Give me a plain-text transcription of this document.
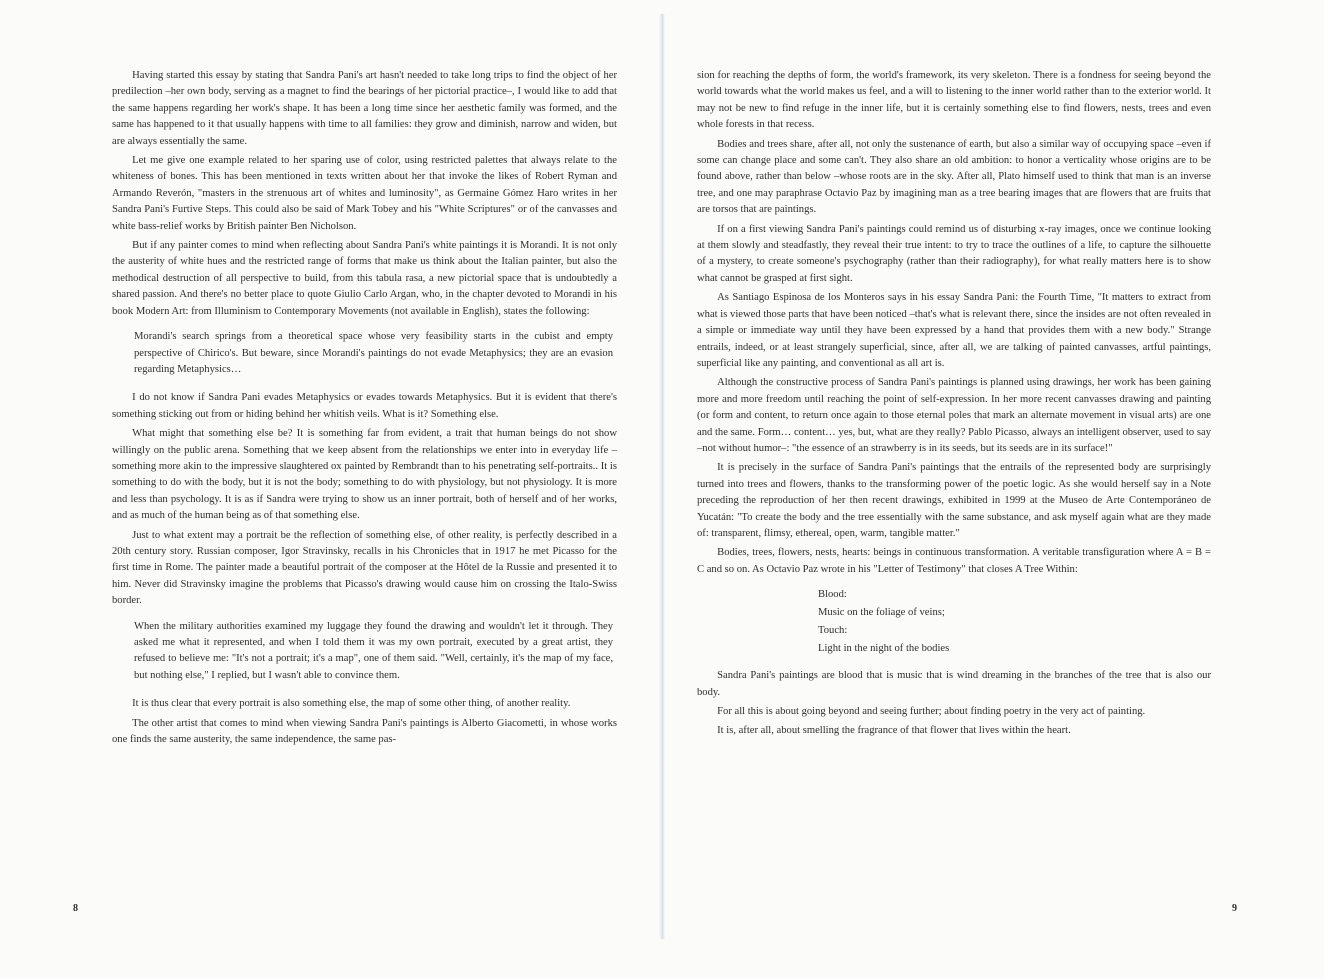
Having started this essay by stating that Sandra Pani's art hasn't needed to take long trips to find the object of her predilection –her own body, serving as a magnet to find the bearings of her pictorial practice–, I would like to add that the same happens regarding her work's shape. It has been a long time since her aesthetic family was formed, and the same has happened to it that usually happens with time to all families: they grow and diminish, narrow and widen, but are always essentially the same.

Let me give one example related to her sparing use of color, using restricted palettes that always relate to the whiteness of bones. This has been mentioned in texts written about her that invoke the likes of Robert Ryman and Armando Reverón, "masters in the strenuous art of whites and luminosity", as Germaine Gómez Haro writes in her Sandra Pani's Furtive Steps. This could also be said of Mark Tobey and his "White Scriptures" or of the canvasses and white bass-relief works by British painter Ben Nicholson.

But if any painter comes to mind when reflecting about Sandra Pani's white paintings it is Morandi. It is not only the austerity of white hues and the restricted range of forms that make us think about the Italian painter, but also the methodical destruction of all perspective to build, from this tabula rasa, a new pictorial space that is undoubtedly a shared passion. And there's no better place to quote Giulio Carlo Argan, who, in the chapter devoted to Morandi in his book Modern Art: from Illuminism to Contemporary Movements (not available in English), states the following:

Morandi's search springs from a theoretical space whose very feasibility starts in the cubist and empty perspective of Chirico's. But beware, since Morandi's paintings do not evade Metaphysics; they are an evasion regarding Metaphysics…

I do not know if Sandra Pani evades Metaphysics or evades towards Metaphysics. But it is evident that there's something sticking out from or hiding behind her whitish veils. What is it? Something else.

What might that something else be? It is something far from evident, a trait that human beings do not show willingly on the public arena. Something that we keep absent from the relationships we enter into in everyday life –something more akin to the impressive slaughtered ox painted by Rembrandt than to his penetrating self-portraits.. It is something to do with the body, but it is not the body; something to do with physiology, but not physiology. It is more and less than psychology. It is as if Sandra were trying to show us an inner portrait, both of herself and of her works, and as much of the human being as of that something else.

Just to what extent may a portrait be the reflection of something else, of other reality, is perfectly described in a 20th century story. Russian composer, Igor Stravinsky, recalls in his Chronicles that in 1917 he met Picasso for the first time in Rome. The painter made a beautiful portrait of the composer at the Hôtel de la Russie and presented it to him. Never did Stravinsky imagine the problems that Picasso's drawing would cause him on crossing the Italo-Swiss border.

When the military authorities examined my luggage they found the drawing and wouldn't let it through. They asked me what it represented, and when I told them it was my own portrait, executed by a great artist, they refused to believe me: "It's not a portrait; it's a map", one of them said. "Well, certainly, it's the map of my face, but nothing else," I replied, but I wasn't able to convince them.

It is thus clear that every portrait is also something else, the map of some other thing, of another reality.

The other artist that comes to mind when viewing Sandra Pani's paintings is Alberto Giacometti, in whose works one finds the same austerity, the same independence, the same pas-

8

sion for reaching the depths of form, the world's framework, its very skeleton. There is a fondness for seeing beyond the world towards what the world makes us feel, and a will to listening to the inner world rather than to the exterior world. It may not be new to find refuge in the inner life, but it is certainly something else to find flowers, nests, trees and even whole forests in that recess.

Bodies and trees share, after all, not only the sustenance of earth, but also a similar way of occupying space –even if some can change place and some can't. They also share an old ambition: to honor a verticality whose origins are to be found above, rather than below –whose roots are in the sky. After all, Plato himself used to think that man is an inverse tree, and one may paraphrase Octavio Paz by imagining man as a tree bearing images that are flowers that are fruits that are torsos that are paintings.

If on a first viewing Sandra Pani's paintings could remind us of disturbing x-ray images, once we continue looking at them slowly and steadfastly, they reveal their true intent: to try to trace the outlines of a life, to capture the silhouette of a mystery, to create someone's psychography (rather than their radiography), for what really matters here is to show what cannot be grasped at first sight.

As Santiago Espinosa de los Monteros says in his essay Sandra Pani: the Fourth Time, "It matters to extract from what is viewed those parts that have been noticed –that's what is relevant there, since the insides are not often revealed in a simple or immediate way until they have been expressed by a hand that provides them with a new body." Strange entrails, indeed, or at least strangely superficial, since, after all, we are talking of painted canvasses, artful paintings, superficial like any painting, and conventional as all art is.

Although the constructive process of Sandra Pani's paintings is planned using drawings, her work has been gaining more and more freedom until reaching the point of self-expression. In her more recent canvasses drawing and painting (or form and content, to return once again to those eternal poles that mark an alternate movement in visual arts) are one and the same. Form… content… yes, but, what are they really? Pablo Picasso, always an intelligent observer, used to say –not without humor–: "the essence of an strawberry is in its seeds, but its seeds are in its surface!"

It is precisely in the surface of Sandra Pani's paintings that the entrails of the represented body are surprisingly turned into trees and flowers, thanks to the transforming power of the poetic logic. As she would herself say in a Note preceding the reproduction of her then recent drawings, exhibited in 1999 at the Museo de Arte Contemporáneo de Yucatán: "To create the body and the tree essentially with the same substance, and ask myself again what are they made of: transparent, flimsy, ethereal, open, warm, tangible matter."

Bodies, trees, flowers, nests, hearts: beings in continuous transformation. A veritable transfiguration where A = B = C and so on. As Octavio Paz wrote in his "Letter of Testimony" that closes A Tree Within:

Blood:
Music on the foliage of veins;
Touch:
Light in the night of the bodies

Sandra Pani's paintings are blood that is music that is wind dreaming in the branches of the tree that is also our body.

For all this is about going beyond and seeing further; about finding poetry in the very act of painting.

It is, after all, about smelling the fragrance of that flower that lives within the heart.

9
